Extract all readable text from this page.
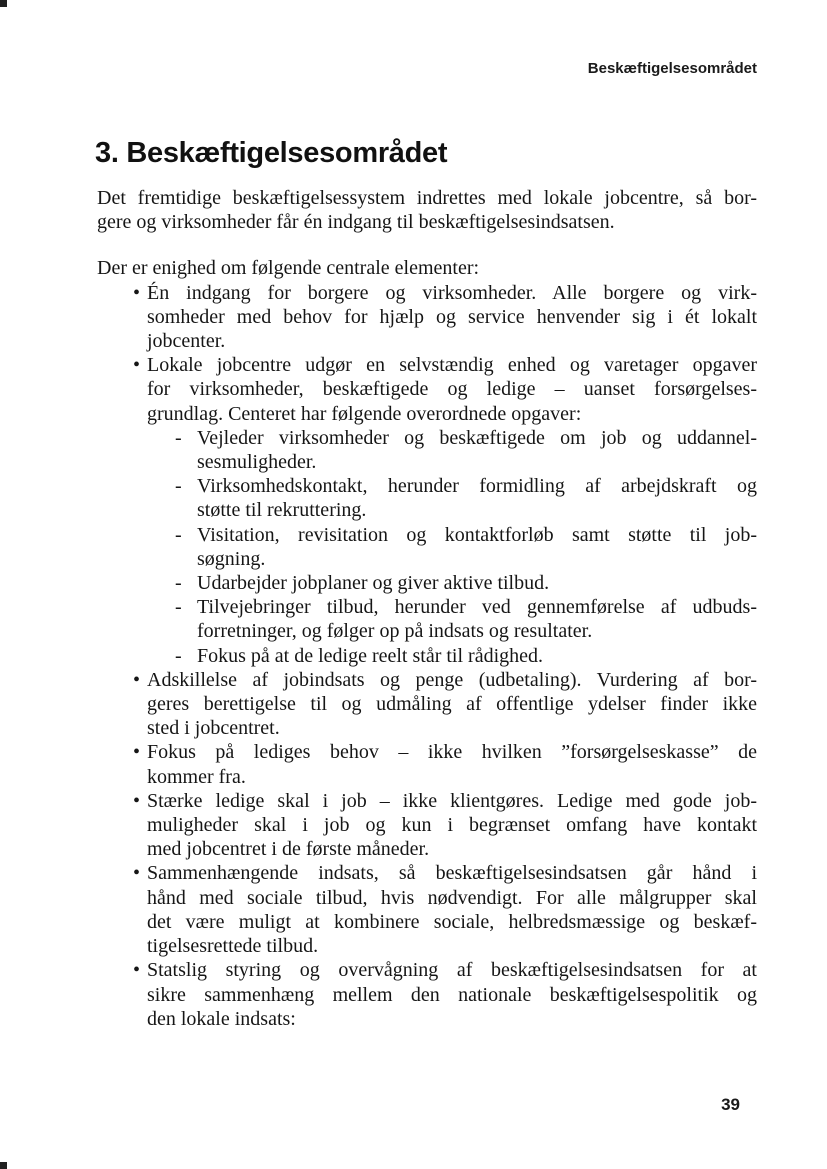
Beskæftigelsesområdet
3. Beskæftigelsesområdet
Det fremtidige beskæftigelsessystem indrettes med lokale jobcentre, så bor-
gere og virksomheder får én indgang til beskæftigelsesindsatsen.
Der er enighed om følgende centrale elementer:
• Én indgang for borgere og virksomheder. Alle borgere og virk-
somheder med behov for hjælp og service henvender sig i ét lokalt
jobcenter.
• Lokale jobcentre udgør en selvstændig enhed og varetager opgaver
for virksomheder, beskæftigede og ledige – uanset forsørgelses-
grundlag. Centeret har følgende overordnede opgaver:
- Vejleder virksomheder og beskæftigede om job og uddannel-
sesmuligheder.
- Virksomhedskontakt, herunder formidling af arbejdskraft og
støtte til rekruttering.
- Visitation, revisitation og kontaktforløb samt støtte til job-
søgning.
- Udarbejder jobplaner og giver aktive tilbud.
- Tilvejebringer tilbud, herunder ved gennemførelse af udbuds-
forretninger, og følger op på indsats og resultater.
- Fokus på at de ledige reelt står til rådighed.
• Adskillelse af jobindsats og penge (udbetaling). Vurdering af bor-
geres berettigelse til og udmåling af offentlige ydelser finder ikke
sted i jobcentret.
• Fokus på lediges behov – ikke hvilken ”forsørgelseskasse” de
kommer fra.
• Stærke ledige skal i job – ikke klientgøres. Ledige med gode job-
muligheder skal i job og kun i begrænset omfang have kontakt
med jobcentret i de første måneder.
• Sammenhængende indsats, så beskæftigelsesindsatsen går hånd i
hånd med sociale tilbud, hvis nødvendigt. For alle målgrupper skal
det være muligt at kombinere sociale, helbredsmæssige og beskæf-
tigelsesrettede tilbud.
• Statslig styring og overvågning af beskæftigelsesindsatsen for at
sikre sammenhæng mellem den nationale beskæftigelsespolitik og
den lokale indsats:
39
